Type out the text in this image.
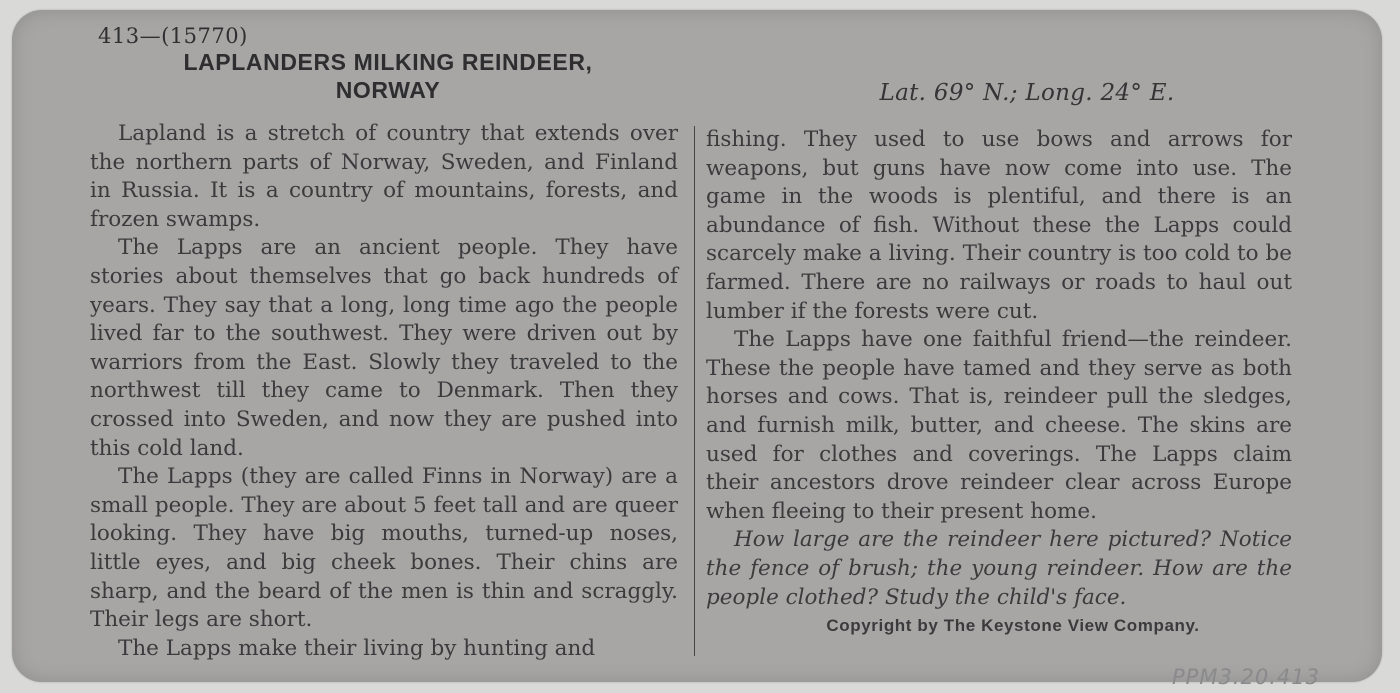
413—(15770)
LAPLANDERS MILKING REINDEER,
NORWAY	Lat. 69° N.; Long. 24° E.

Lapland is a stretch of country that extends over the northern parts of Norway, Sweden, and Finland in Russia. It is a country of mountains, forests, and frozen swamps.

The Lapps are an ancient people. They have stories about themselves that go back hundreds of years. They say that a long, long time ago the people lived far to the southwest. They were driven out by warriors from the East. Slowly they traveled to the northwest till they came to Denmark. Then they crossed into Sweden, and now they are pushed into this cold land.

The Lapps (they are called Finns in Norway) are a small people. They are about 5 feet tall and are queer looking. They have big mouths, turned-up noses, little eyes, and big cheek bones. Their chins are sharp, and the beard of the men is thin and scraggly. Their legs are short.

The Lapps make their living by hunting and

fishing. They used to use bows and arrows for weapons, but guns have now come into use. The game in the woods is plentiful, and there is an abundance of fish. Without these the Lapps could scarcely make a living. Their country is too cold to be farmed. There are no railways or roads to haul out lumber if the forests were cut.

The Lapps have one faithful friend—the reindeer. These the people have tamed and they serve as both horses and cows. That is, reindeer pull the sledges, and furnish milk, butter, and cheese. The skins are used for clothes and coverings. The Lapps claim their ancestors drove reindeer clear across Europe when fleeing to their present home.

How large are the reindeer here pictured? Notice the fence of brush; the young reindeer. How are the people clothed? Study the child's face.

Copyright by The Keystone View Company.

PPM3.20.413
